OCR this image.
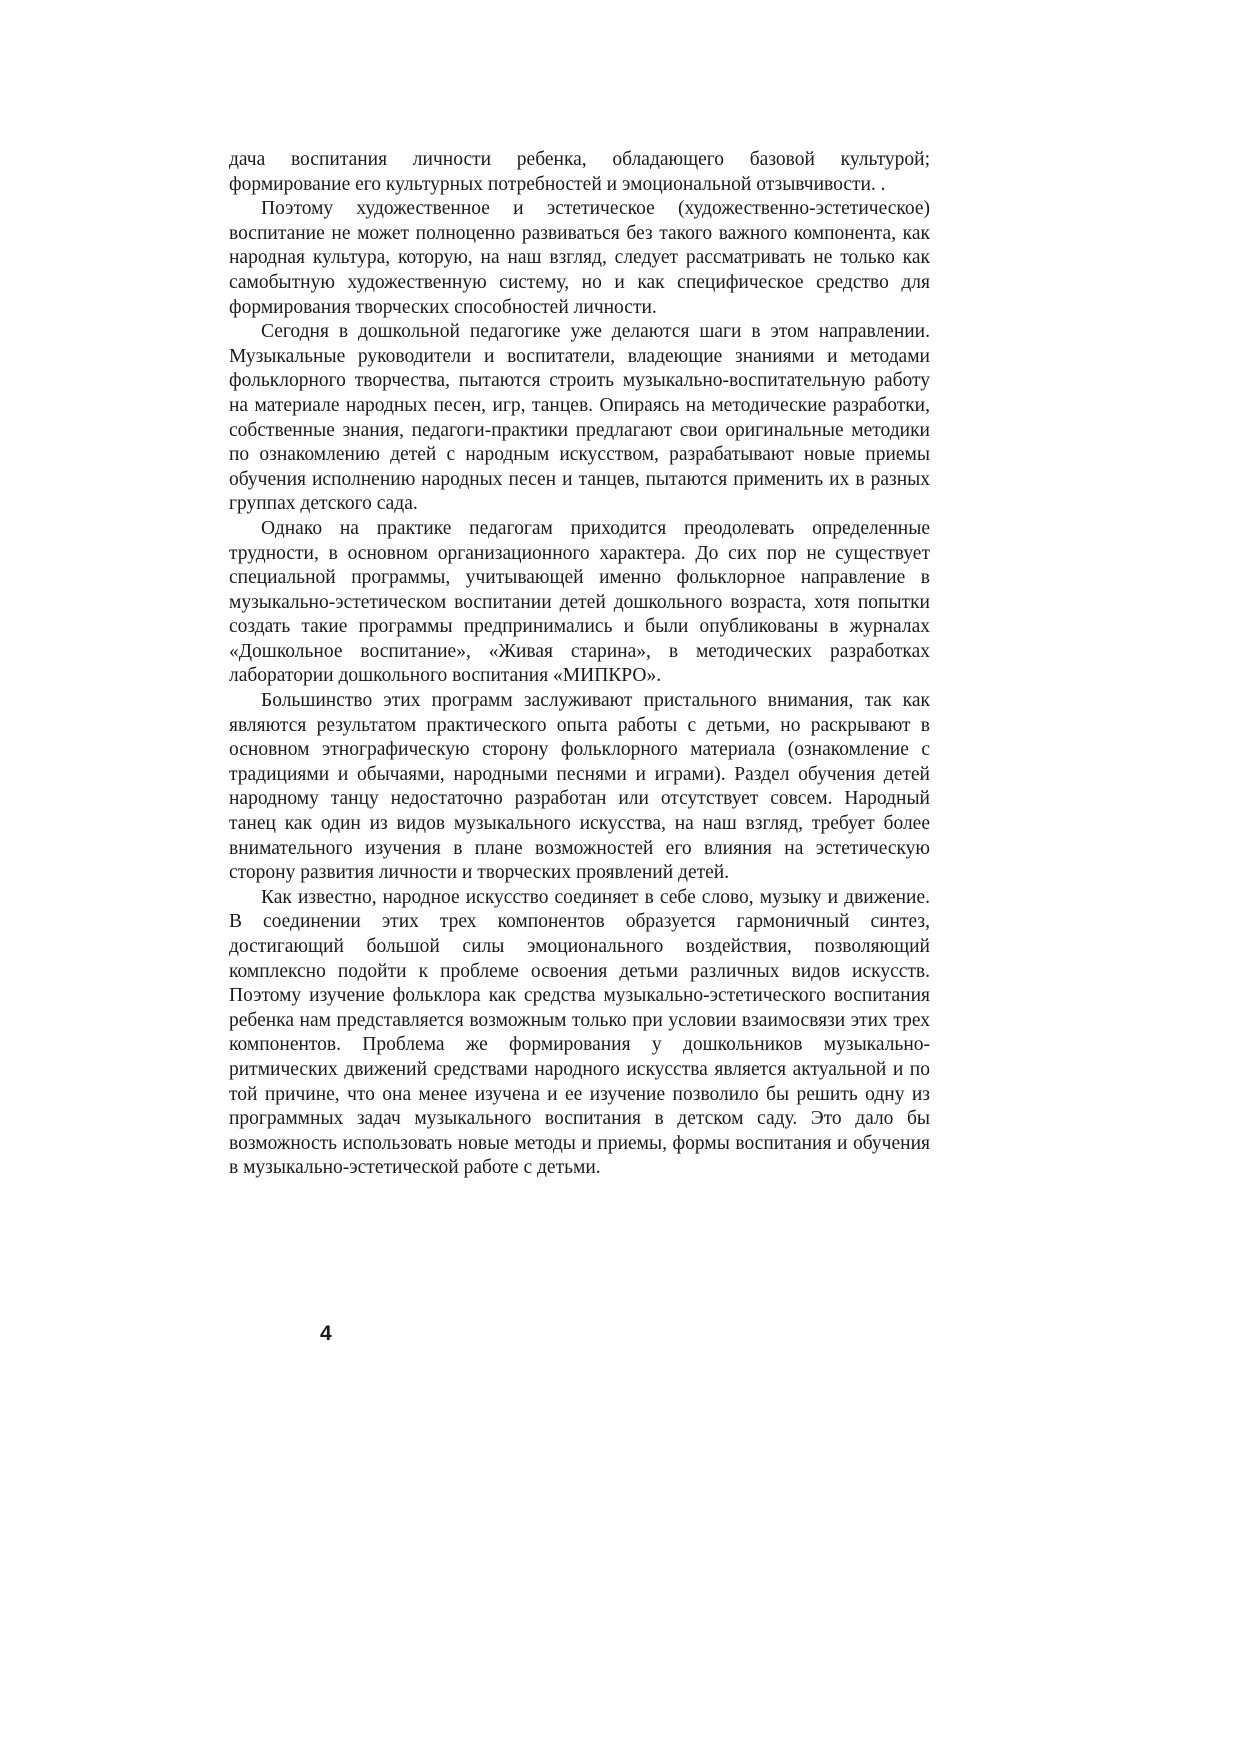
дача воспитания личности ребенка, обладающего базовой культурой; формирование его культурных потребностей и эмоциональной отзывчивости. .

Поэтому художественное и эстетическое (художественно-эстетическое) воспитание не может полноценно развиваться без такого важного компонента, как народная культура, которую, на наш взгляд, следует рассматривать не только как самобытную художественную систему, но и как специфическое средство для формирования творческих способностей личности.

Сегодня в дошкольной педагогике уже делаются шаги в этом направлении. Музыкальные руководители и воспитатели, владеющие знаниями и методами фольклорного творчества, пытаются строить музыкально-воспитательную работу на материале народных песен, игр, танцев. Опираясь на методические разработки, собственные знания, педагоги-практики предлагают свои оригинальные методики по ознакомлению детей с народным искусством, разрабатывают новые приемы обучения исполнению народных песен и танцев, пытаются применить их в разных группах детского сада.

Однако на практике педагогам приходится преодолевать определенные трудности, в основном организационного характера. До сих пор не существует специальной программы, учитывающей именно фольклорное направление в музыкально-эстетическом воспитании детей дошкольного возраста, хотя попытки создать такие программы предпринимались и были опубликованы в журналах «Дошкольное воспитание», «Живая старина», в методических разработках лаборатории дошкольного воспитания «МИПКРО».

Большинство этих программ заслуживают пристального внимания, так как являются результатом практического опыта работы с детьми, но раскрывают в основном этнографическую сторону фольклорного материала (ознакомление с традициями и обычаями, народными песнями и играми). Раздел обучения детей народному танцу недостаточно разработан или отсутствует совсем. Народный танец как один из видов музыкального искусства, на наш взгляд, требует более внимательного изучения в плане возможностей его влияния на эстетическую сторону развития личности и творческих проявлений детей.

Как известно, народное искусство соединяет в себе слово, музыку и движение. В соединении этих трех компонентов образуется гармоничный синтез, достигающий большой силы эмоционального воздействия, позволяющий комплексно подойти к проблеме освоения детьми различных видов искусств. Поэтому изучение фольклора как средства музыкально-эстетического воспитания ребенка нам представляется возможным только при условии взаимосвязи этих трех компонентов. Проблема же формирования у дошкольников музыкально-ритмических движений средствами народного искусства является актуальной и по той причине, что она менее изучена и ее изучение позволило бы решить одну из программных задач музыкального воспитания в детском саду. Это дало бы возможность использовать новые методы и приемы, формы воспитания и обучения в музыкально-эстетической работе с детьми.

4
